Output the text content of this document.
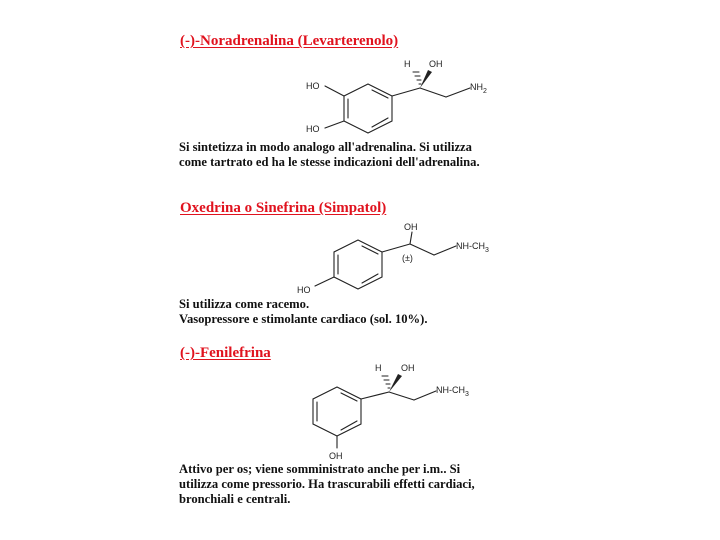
(-)-Noradrenalina (Levarterenolo)
H OH
$NH_2$
HO
HO
Si sintetizza in modo analogo all'adrenalina. Si utilizza
come tartrato ed ha le stesse indicazioni dell'adrenalina.
Oxedrina o Sinefrina (Simpatol)
OH
$NH-CH_3$
(±)
HO
Si utilizza come racemo.
Vasopressore e stimolante cardiaco (sol. 10%).
(-)-Fenilefrina
H OH
$NH-CH_3$
OH
Attivo per os; viene somministrato anche per i.m.. Si
utilizza come pressorio. Ha trascurabili effetti cardiaci,
bronchiali e centrali.
